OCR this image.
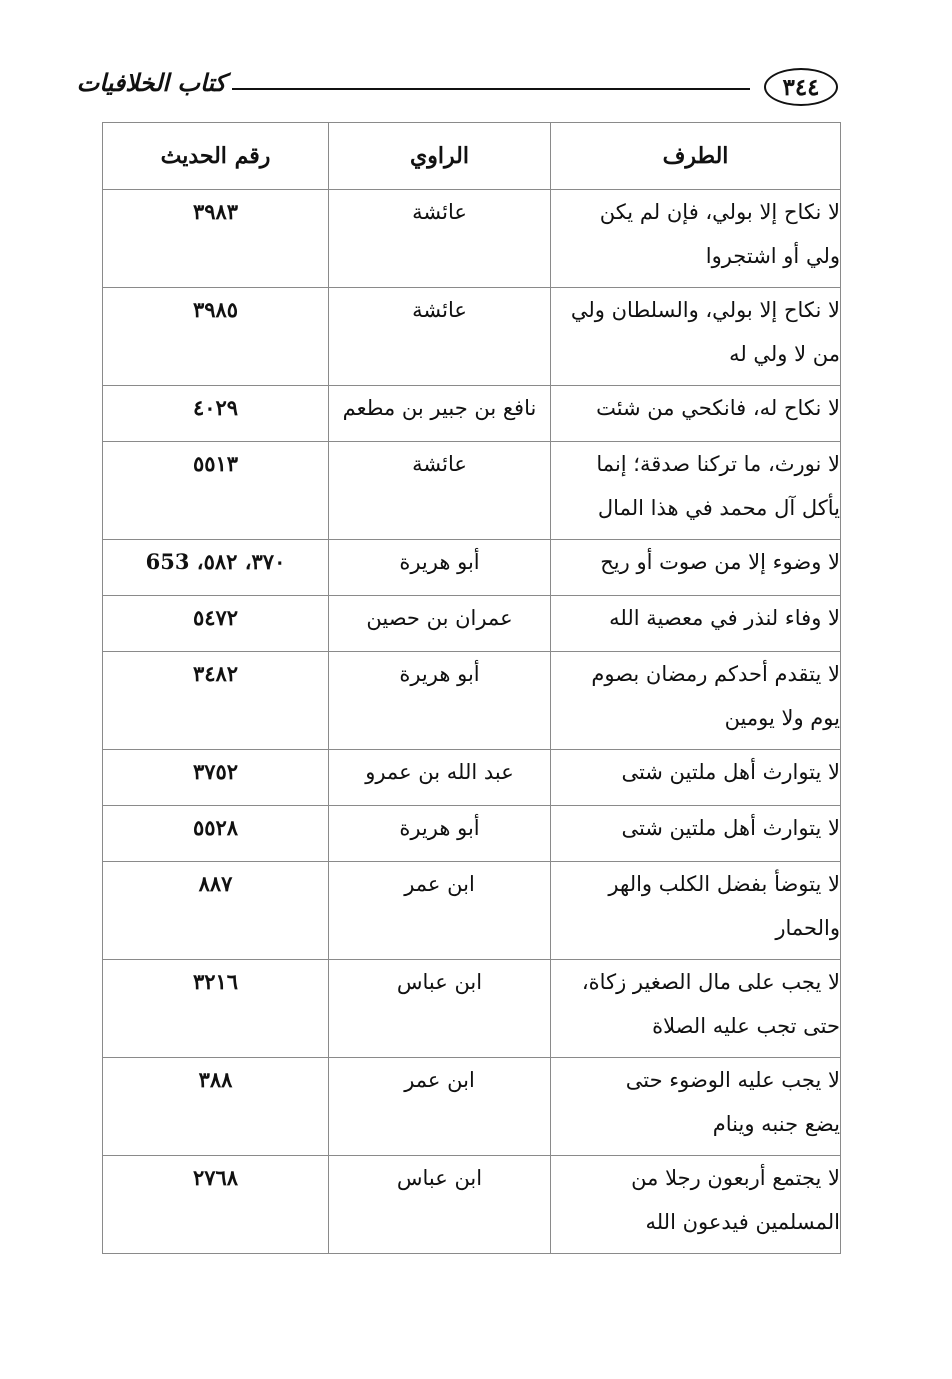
٣٤٤
كتاب الخلافيات
الطرف	الراوي	رقم الحديث

لا نكاح إلا بولي، فإن لم يكن
ولي أو اشتجروا	عائشة	٣٩٨٣

لا نكاح إلا بولي، والسلطان ولي
من لا ولي له	عائشة	٣٩٨٥

لا نكاح له، فانكحي من شئت	نافع بن جبير بن مطعم	٤٠٢٩

لا نورث، ما تركنا صدقة؛ إنما
يأكل آل محمد في هذا المال	عائشة	٥٥١٣

لا وضوء إلا من صوت أو ريح	أبو هريرة	٣٧٠، ٥٨٢، 653

لا وفاء لنذر في معصية الله	عمران بن حصين	٥٤٧٢

لا يتقدم أحدكم رمضان بصوم
يوم ولا يومين	أبو هريرة	٣٤٨٢

لا يتوارث أهل ملتين شتى	عبد الله بن عمرو	٣٧٥٢

لا يتوارث أهل ملتين شتى	أبو هريرة	٥٥٢٨

لا يتوضأ بفضل الكلب والهر
والحمار	ابن عمر	٨٨٧

لا يجب على مال الصغير زكاة،
حتى تجب عليه الصلاة	ابن عباس	٣٢١٦

لا يجب عليه الوضوء حتى
يضع جنبه وينام	ابن عمر	٣٨٨

لا يجتمع أربعون رجلا من
المسلمين فيدعون الله	ابن عباس	٢٧٦٨
